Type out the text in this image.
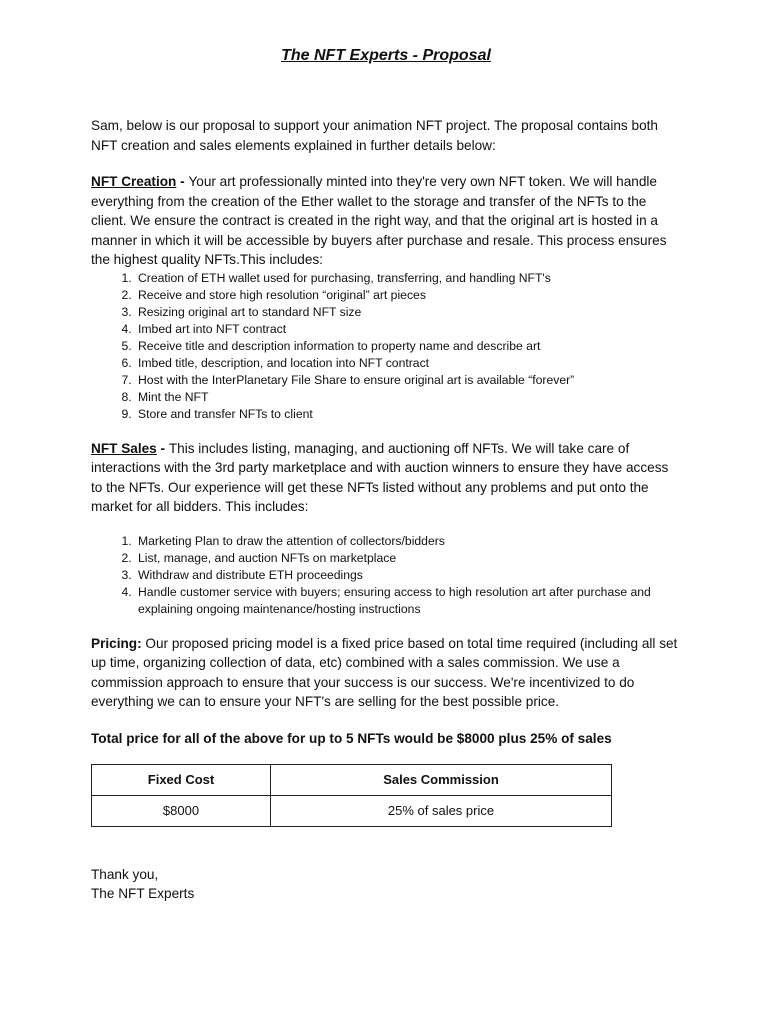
The NFT Experts - Proposal

Sam, below is our proposal to support your animation NFT project. The proposal contains both NFT creation and sales elements explained in further details below:

NFT Creation - Your art professionally minted into they're very own NFT token. We will handle everything from the creation of the Ether wallet to the storage and transfer of the NFTs to the client. We ensure the contract is created in the right way, and that the original art is hosted in a manner in which it will be accessible by buyers after purchase and resale. This process ensures the highest quality NFTs.This includes:

1. Creation of ETH wallet used for purchasing, transferring, and handling NFT's
2. Receive and store high resolution “original” art pieces
3. Resizing original art to standard NFT size
4. Imbed art into NFT contract
5. Receive title and description information to property name and describe art
6. Imbed title, description, and location into NFT contract
7. Host with the InterPlanetary File Share to ensure original art is available “forever”
8. Mint the NFT
9. Store and transfer NFTs to client

NFT Sales - This includes listing, managing, and auctioning off NFTs. We will take care of interactions with the 3rd party marketplace and with auction winners to ensure they have access to the NFTs. Our experience will get these NFTs listed without any problems and put onto the market for all bidders. This includes:

1. Marketing Plan to draw the attention of collectors/bidders
2. List, manage, and auction NFTs on marketplace
3. Withdraw and distribute ETH proceedings
4. Handle customer service with buyers; ensuring access to high resolution art after purchase and explaining ongoing maintenance/hosting instructions

Pricing: Our proposed pricing model is a fixed price based on total time required (including all set up time, organizing collection of data, etc) combined with a sales commission. We use a commission approach to ensure that your success is our success. We're incentivized to do everything we can to ensure your NFT's are selling for the best possible price.

Total price for all of the above for up to 5 NFTs would be $8000 plus 25% of sales
Fixed Cost	Sales Commission
$8000	25% of sales price
Thank you,
The NFT Experts
